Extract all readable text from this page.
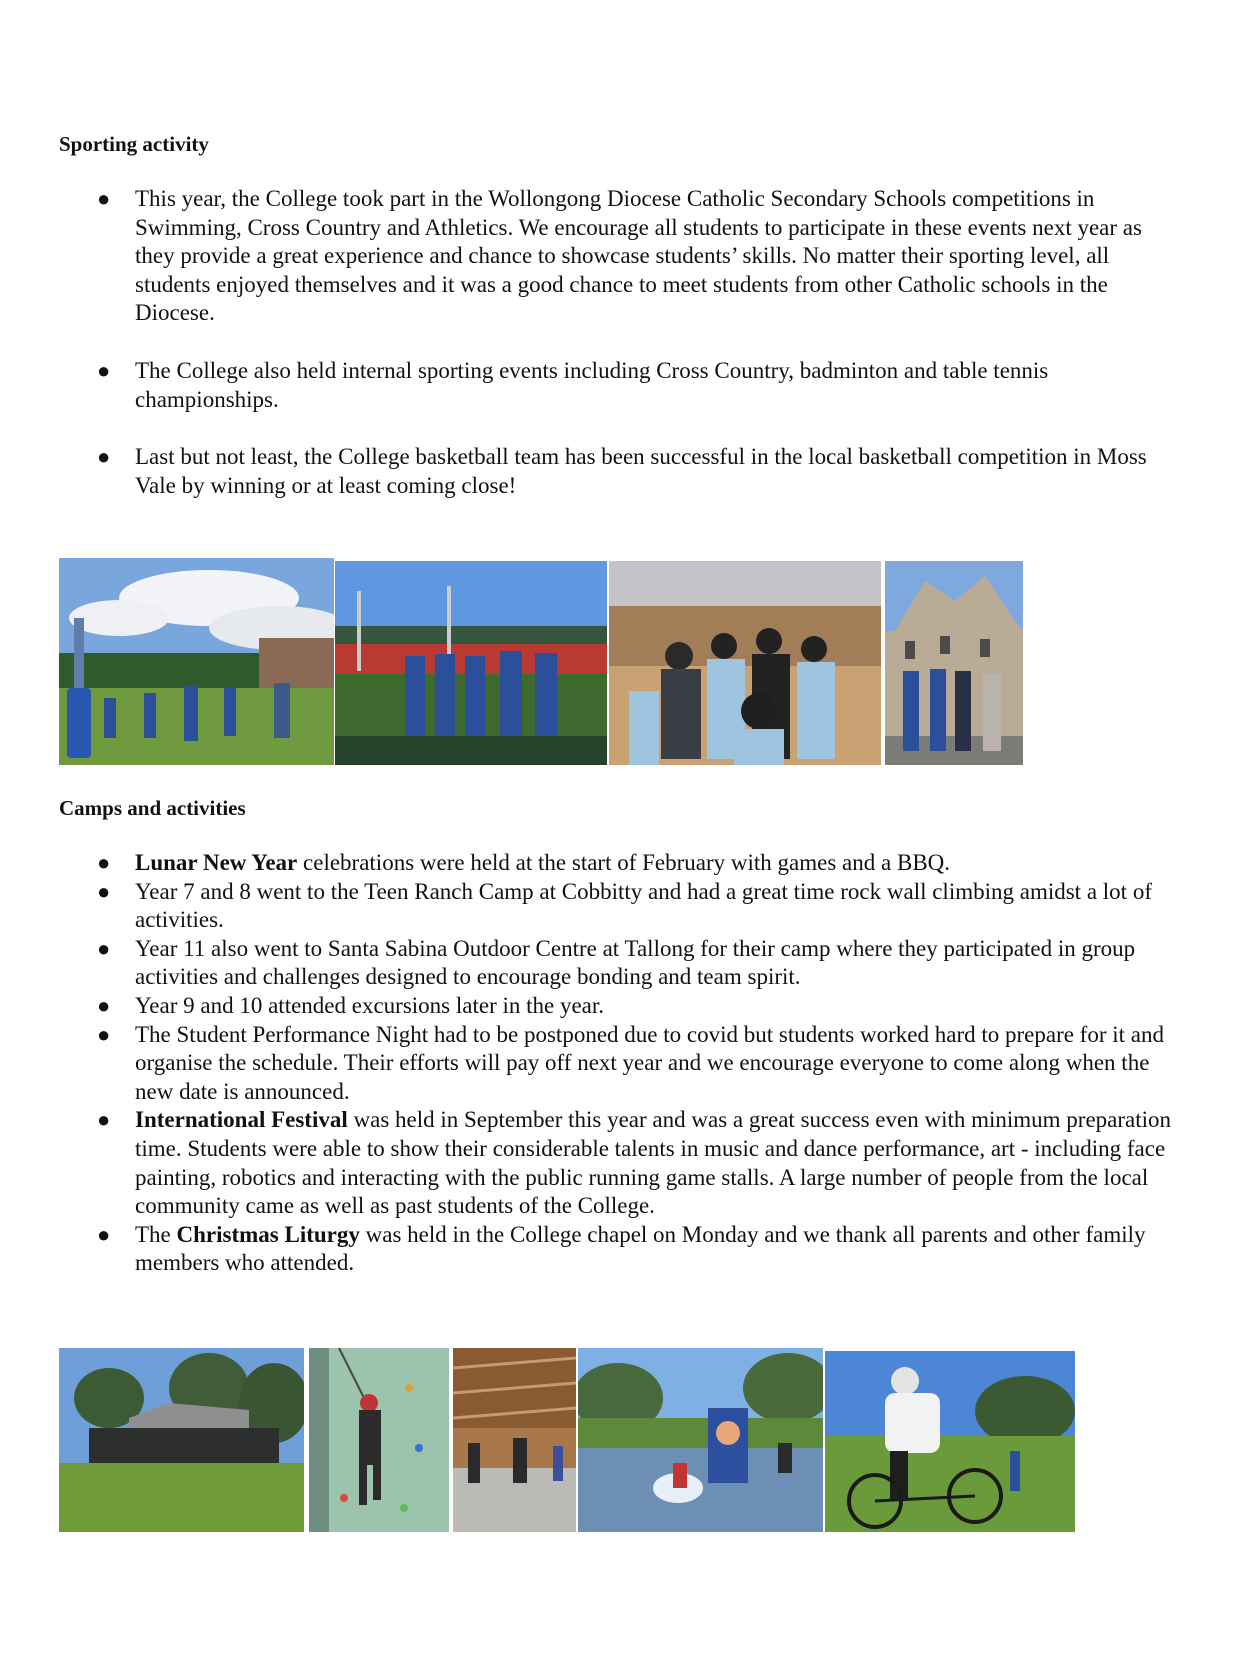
Sporting activity
● This year, the College took part in the Wollongong Diocese Catholic Secondary Schools competitions in Swimming, Cross Country and Athletics. We encourage all students to participate in these events next year as they provide a great experience and chance to showcase students’ skills. No matter their sporting level, all students enjoyed themselves and it was a good chance to meet students from other Catholic schools in the Diocese.
● The College also held internal sporting events including Cross Country, badminton and table tennis championships.
● Last but not least, the College basketball team has been successful in the local basketball competition in Moss Vale by winning or at least coming close!
Camps and activities
● Lunar New Year celebrations were held at the start of February with games and a BBQ.
● Year 7 and 8 went to the Teen Ranch Camp at Cobbitty and had a great time rock wall climbing amidst a lot of activities.
● Year 11 also went to Santa Sabina Outdoor Centre at Tallong for their camp where they participated in group activities and challenges designed to encourage bonding and team spirit.
● Year 9 and 10 attended excursions later in the year.
● The Student Performance Night had to be postponed due to covid but students worked hard to prepare for it and organise the schedule. Their efforts will pay off next year and we encourage everyone to come along when the new date is announced.
● International Festival was held in September this year and was a great success even with minimum preparation time. Students were able to show their considerable talents in music and dance performance, art - including face painting, robotics and interacting with the public running game stalls. A large number of people from the local community came as well as past students of the College.
● The Christmas Liturgy was held in the College chapel on Monday and we thank all parents and other family members who attended.
